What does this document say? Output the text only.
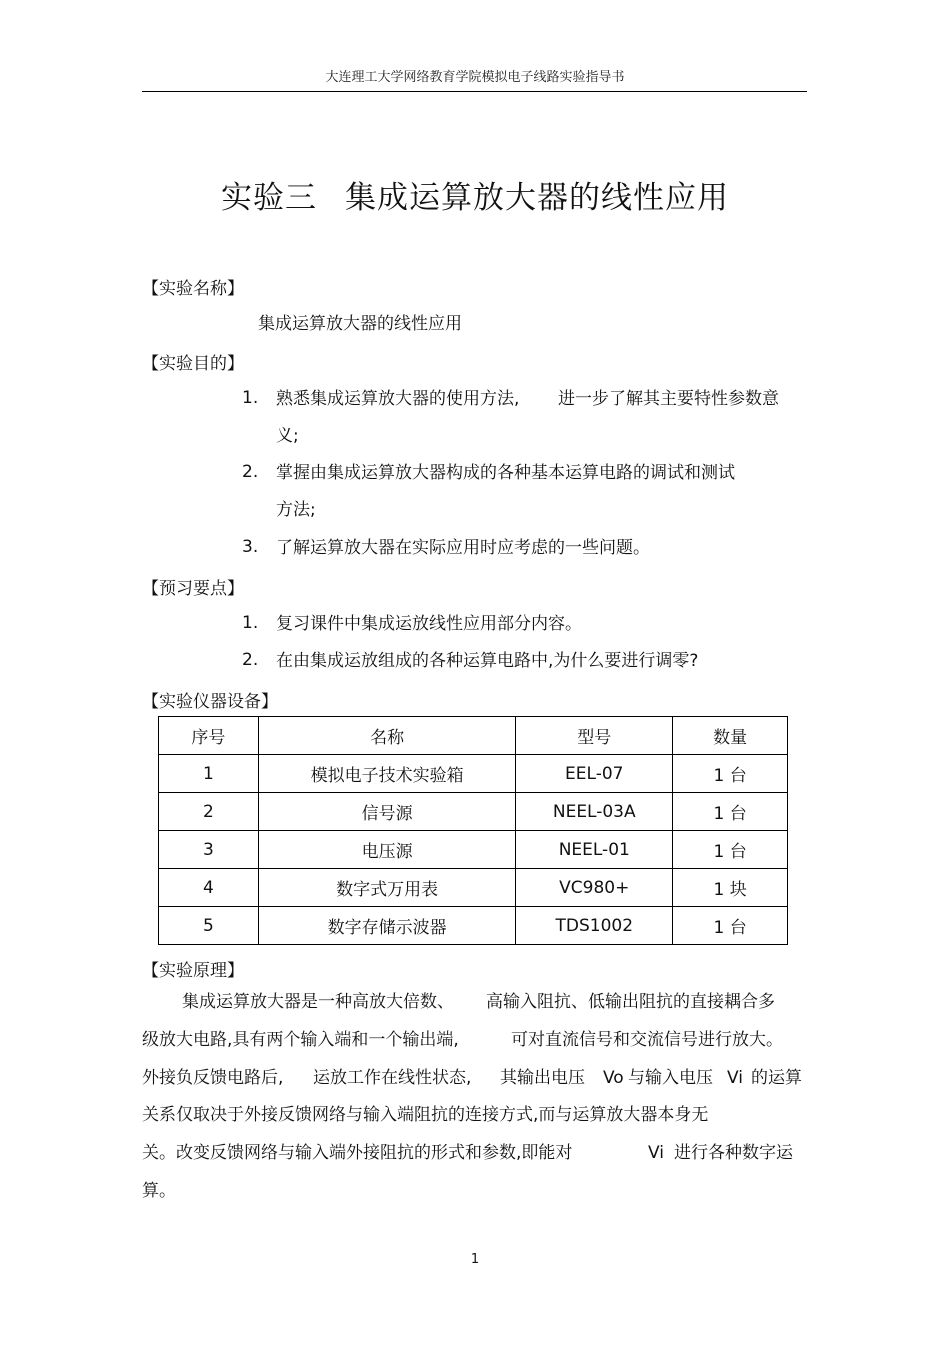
大连理工大学网络教育学院模拟电子线路实验指导书
实验三 集成运算放大器的线性应用
【实验名称】
集成运算放大器的线性应用
【实验目的】
1. 熟悉集成运算放大器的使用方法, 进一步了解其主要特性参数意
义;
2. 掌握由集成运算放大器构成的各种基本运算电路的调试和测试
方法;
3. 了解运算放大器在实际应用时应考虑的一些问题。
【预习要点】
1. 复习课件中集成运放线性应用部分内容。
2. 在由集成运放组成的各种运算电路中,为什么要进行调零?
【实验仪器设备】
序号	名称	型号	数量
1	模拟电子技术实验箱	EEL-07	1 台
2	信号源	NEEL-03A	1 台
3	电压源	NEEL-01	1 台
4	数字式万用表	VC980+	1 块
5	数字存储示波器	TDS1002	1 台
【实验原理】
集成运算放大器是一种高放大倍数、 高输入阻抗、低输出阻抗的直接耦合多
级放大电路,具有两个输入端和一个输出端,	可对直流信号和交流信号进行放大。
外接负反馈电路后, 运放工作在线性状态, 其输出电压 Vo 与输入电压 Vi 的运算
关系仅取决于外接反馈网络与输入端阻抗的连接方式,而与运算放大器本身无
关。改变反馈网络与输入端外接阻抗的形式和参数,即能对	Vi 进行各种数字运
算。
1
